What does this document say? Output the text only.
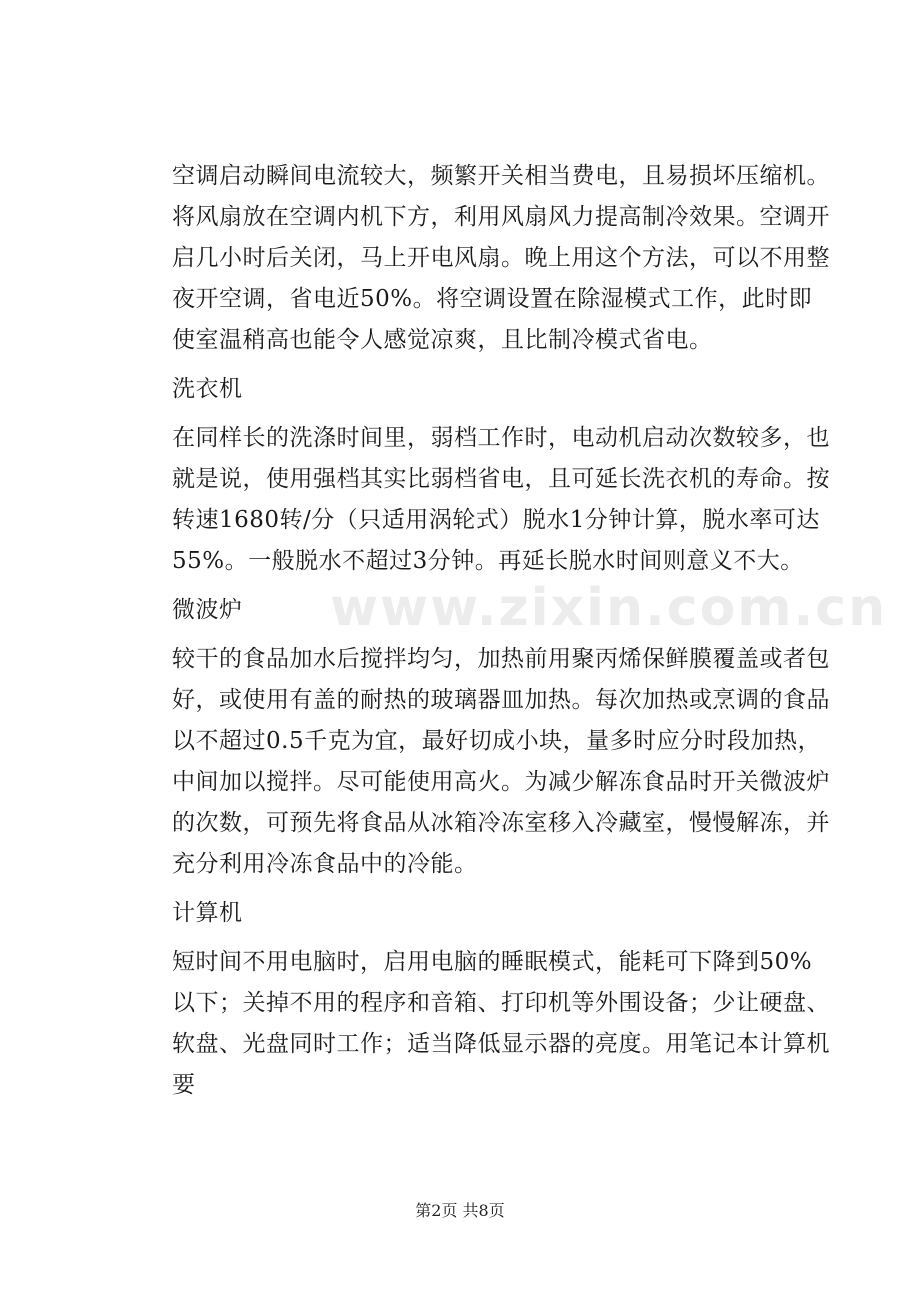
空调启动瞬间电流较大，频繁开关相当费电，且易损坏压缩机。将风扇放在空调内机下方，利用风扇风力提高制冷效果。空调开启几小时后关闭，马上开电风扇。晚上用这个方法，可以不用整夜开空调，省电近50%。将空调设置在除湿模式工作，此时即使室温稍高也能令人感觉凉爽，且比制冷模式省电。

洗衣机

在同样长的洗涤时间里，弱档工作时，电动机启动次数较多，也就是说，使用强档其实比弱档省电，且可延长洗衣机的寿命。按转速1680转/分（只适用涡轮式）脱水1分钟计算，脱水率可达55%。一般脱水不超过3分钟。再延长脱水时间则意义不大。

微波炉

较干的食品加水后搅拌均匀，加热前用聚丙烯保鲜膜覆盖或者包好，或使用有盖的耐热的玻璃器皿加热。每次加热或烹调的食品以不超过0.5千克为宜，最好切成小块，量多时应分时段加热，中间加以搅拌。尽可能使用高火。为减少解冻食品时开关微波炉的次数，可预先将食品从冰箱冷冻室移入冷藏室，慢慢解冻，并充分利用冷冻食品中的冷能。

计算机

短时间不用电脑时，启用电脑的睡眠模式，能耗可下降到50%以下；关掉不用的程序和音箱、打印机等外围设备；少让硬盘、软盘、光盘同时工作；适当降低显示器的亮度。用笔记本计算机要

www.zixin.com.cn
第2页 共8页
